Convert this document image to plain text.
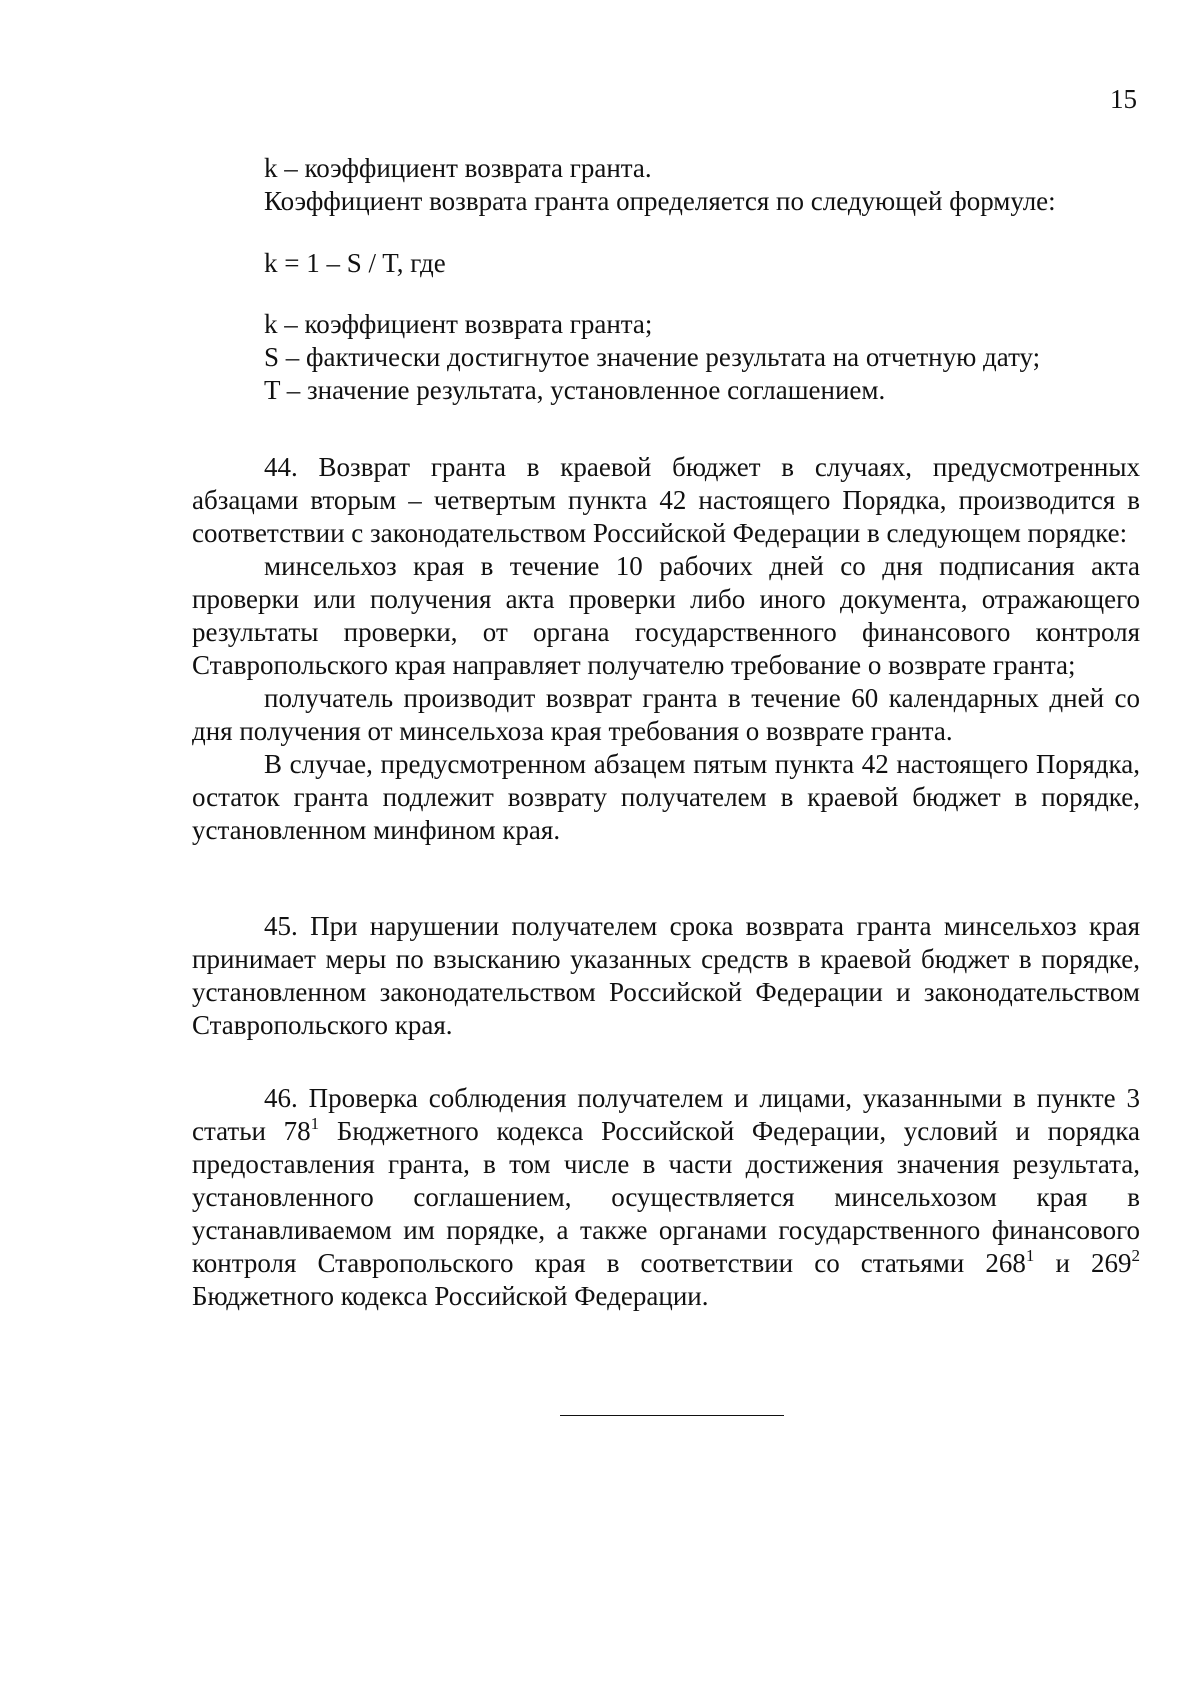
15
k – коэффициент возврата гранта.
Коэффициент возврата гранта определяется по следующей формуле:
k = 1 – S / T, где
k – коэффициент возврата гранта;
S – фактически достигнутое значение результата на отчетную дату;
T – значение результата, установленное соглашением.

44. Возврат гранта в краевой бюджет в случаях, предусмотренных абзацами вторым – четвертым пункта 42 настоящего Порядка, производится в соответствии с законодательством Российской Федерации в следующем порядке:

минсельхоз края в течение 10 рабочих дней со дня подписания акта проверки или получения акта проверки либо иного документа, отражающего результаты проверки, от органа государственного финансового контроля Ставропольского края направляет получателю требование о возврате гранта;

получатель производит возврат гранта в течение 60 календарных дней со дня получения от минсельхоза края требования о возврате гранта.

В случае, предусмотренном абзацем пятым пункта 42 настоящего Порядка, остаток гранта подлежит возврату получателем в краевой бюджет в порядке, установленном минфином края.

45. При нарушении получателем срока возврата гранта минсельхоз края принимает меры по взысканию указанных средств в краевой бюджет в порядке, установленном законодательством Российской Федерации и законодательством Ставропольского края.

46. Проверка соблюдения получателем и лицами, указанными в пункте 3 статьи $78^1$ Бюджетного кодекса Российской Федерации, условий и порядка предоставления гранта, в том числе в части достижения значения результата, установленного соглашением, осуществляется минсельхозом края в устанавливаемом им порядке, а также органами государственного финансового контроля Ставропольского края в соответствии со статьями $268^1$ и $269^2$ Бюджетного кодекса Российской Федерации.
